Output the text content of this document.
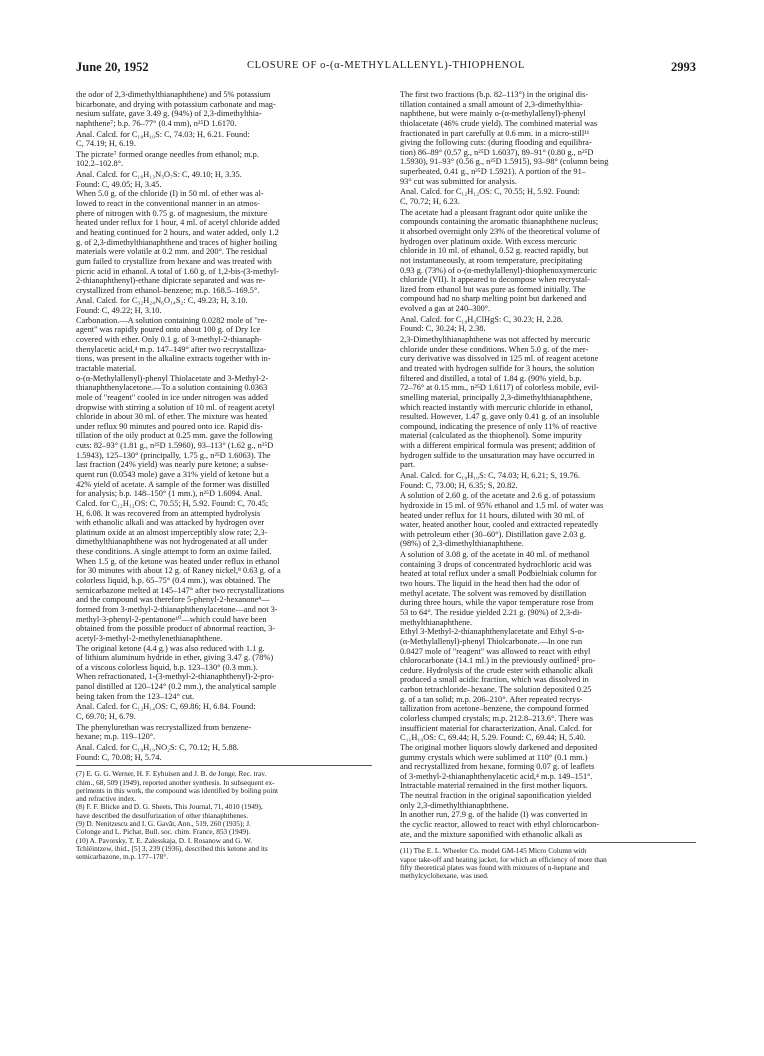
June 20, 1952	CLOSURE OF o-(α-METHYLALLENYL)-THIOPHENOL	2993
the odor of 2,3-dimethylthianaphthene) and 5% potassium
bicarbonate, and drying with potassium carbonate and mag-
nesium sulfate, gave 3.49 g. (94%) of 2,3-dimethylthia-
naphthene⁷; b.p. 76–77° (0.4 mm), n²⁵D 1.6170.
Anal. Calcd. for C₁₀H₁₀S: C, 74.03; H, 6.21. Found:
C, 74.19; H, 6.19.
The picrate⁷ formed orange needles from ethanol; m.p.
102.2–102.8°.
Anal. Calcd. for C₁₆H₁₃N₃O₇S: C, 49.10; H, 3.35.
Found: C, 49.05; H, 3.45.
When 5.0 g. of the chloride (I) in 50 ml. of ether was al-
lowed to react in the conventional manner in an atmos-
phere of nitrogen with 0.75 g. of magnesium, the mixture
heated under reflux for 1 hour, 4 ml. of acetyl chloride added
and heating continued for 2 hours, and water added, only 1.2
g. of 2,3-dimethylthianaphthene and traces of higher boiling
materials were volatile at 0.2 mm. and 200°. The residual
gum failed to crystallize from hexane and was treated with
picric acid in ethanol. A total of 1.60 g. of 1,2-bis-(3-methyl-
2-thianaphthenyl)-ethane dipicrate separated and was re-
crystallized from ethanol–benzene; m.p. 168.5–169.5°.
Anal. Calcd. for C₃₂H₂₄N₆O₁₄S₂: C, 49.23; H, 3.10.
Found: C, 49.22; H, 3.10.
Carbonation.—A solution containing 0.0282 mole of "re-
agent" was rapidly poured onto about 100 g. of Dry Ice
covered with ether. Only 0.1 g. of 3-methyl-2-thianaph-
thenylacetic acid,⁴ m.p. 147–149° after two recrystalliza-
tions, was present in the alkaline extracts together with in-
tractable material.
o-(α-Methylallenyl)-phenyl Thiolacetate and 3-Methyl-2-
thianaphthenylacetone.—To a solution containing 0.0363
mole of "reagent" cooled in ice under nitrogen was added
dropwise with stirring a solution of 10 ml. of reagent acetyl
chloride in about 30 ml. of ether. The mixture was heated
under reflux 90 minutes and poured onto ice. Rapid dis-
tillation of the oily product at 0.25 mm. gave the following
cuts: 82–93° (1.81 g., n²⁵D 1.5960), 93–113° (1.62 g., n²⁵D
1.5943), 125–130° (principally, 1.75 g., n²⁵D 1.6063). The
last fraction (24% yield) was nearly pure ketone; a subse-
quent run (0.0543 mole) gave a 31% yield of ketone but a
42% yield of acetate. A sample of the former was distilled
for analysis; b.p. 148–150° (1 mm.), n²⁵D 1.6094. Anal.
Calcd. for C₁₂H₁₂OS: C, 70.55; H, 5.92. Found: C, 70.45;
H, 6.08. It was recovered from an attempted hydrolysis
with ethanolic alkali and was attacked by hydrogen over
platinum oxide at an almost imperceptibly slow rate; 2,3-
dimethylthianaphthene was not hydrogenated at all under
these conditions. A single attempt to form an oxime failed.
When 1.5 g. of the ketone was heated under reflux in ethanol
for 30 minutes with about 12 g. of Raney nickel,⁸ 0.63 g. of a
colorless liquid, b.p. 65–75° (0.4 mm.), was obtained. The
semicarbazone melted at 145–147° after two recrystallizations
and the compound was therefore 5-phenyl-2-hexanone⁹—
formed from 3-methyl-2-thianaphthenylacetone—and not 3-
methyl-3-phenyl-2-pentanone¹⁰—which could have been
obtained from the possible product of abnormal reaction, 3-
acetyl-3-methyl-2-methylenethianaphthene.
The original ketone (4.4 g.) was also reduced with 1.1 g.
of lithium aluminum hydride in ether, giving 3.47 g. (78%)
of a viscous colorless liquid, b.p. 123–130° (0.3 mm.).
When refractionated, 1-(3-methyl-2-thianaphthenyl)-2-pro-
panol distilled at 120–124° (0.2 mm.), the analytical sample
being taken from the 123–124° cut.
Anal. Calcd. for C₁₂H₁₄OS: C, 69.86; H, 6.84. Found:
C, 69.70; H, 6.79.
The phenylurethan was recrystallized from benzene-
hexane; m.p. 119–120°.
Anal. Calcd. for C₁₉H₁₉NO₂S: C, 70.12; H, 5.88.
Found: C, 70.08; H, 5.74.
(7) E. G. G. Werner, H. F. Eyhuisen and J. B. de Jonge, Rec. trav.
chim., 68, 509 (1949), reported another synthesis. In subsequent ex-
periments in this work, the compound was identified by boiling point
and refractive index.
(8) F. F. Blicke and D. G. Sheets, This Journal, 71, 4010 (1949),
have described the desulfurization of other thianaphthenes.
(9) D. Nenitzescu and I. G. Gavăt, Ann., 519, 260 (1935); J.
Colonge and L. Pichat, Bull. soc. chim. France, 853 (1949).
(10) A. Pavorsky, T. E. Zalesskaja, D. I. Rosanow and G. W.
Tchléintzew, ibid., [5] 3, 239 (1936), described this ketone and its
semicarbazone, m.p. 177–178°.
The first two fractions (b.p. 82–113°) in the original dis-
tillation contained a small amount of 2,3-dimethylthia-
naphthene, but were mainly o-(α-methylallenyl)-phenyl
thiolacetate (46% crude yield). The combined material was
fractionated in part carefully at 0.6 mm. in a micro-still¹¹
giving the following cuts: (during flooding and equilibra-
tion) 86–89° (0.57 g., n²⁵D 1.6037), 89–91° (0.80 g., n²⁵D
1.5930), 91–93° (0.56 g., n²⁵D 1.5915), 93–98° (column being
superheated, 0.41 g., n²⁵D 1.5921). A portion of the 91–
93° cut was submitted for analysis.
Anal. Calcd. for C₁₂H₁₂OS: C, 70.55; H, 5.92. Found:
C, 70.72; H, 6.23.
The acetate had a pleasant fragrant odor quite unlike the
compounds containing the aromatic thianaphthene nucleus;
it absorbed overnight only 23% of the theoretical volume of
hydrogen over platinum oxide. With excess mercuric
chloride in 10 ml. of ethanol, 0.52 g. reacted rapidly, but
not instantaneously, at room temperature, precipitating
0.93 g. (73%) of o-(α-methylallenyl)-thiophenoxymercuric
chloride (VII). It appeared to decompose when recrystal-
lized from ethanol but was pure as formed initially. The
compound had no sharp melting point but darkened and
evolved a gas at 240–300°.
Anal. Calcd. for C₁₀H₉ClHgS: C, 30.23; H, 2.28.
Found: C, 30.24; H, 2.38.
2,3-Dimethylthianaphthene was not affected by mercuric
chloride under these conditions. When 5.0 g. of the mer-
cury derivative was dissolved in 125 ml. of reagent acetone
and treated with hydrogen sulfide for 3 hours, the solution
filtered and distilled, a total of 1.84 g. (90% yield, b.p.
72–76° at 0.15 mm., n²⁵D 1.6117) of colorless mobile, evil-
smelling material, principally 2,3-dimethylthianaphthene,
which reacted instantly with mercuric chloride in ethanol,
resulted. However, 1.47 g. gave only 0.41 g. of an insoluble
compound, indicating the presence of only 11% of reactive
material (calculated as the thiophenol). Some impurity
with a different empirical formula was present; addition of
hydrogen sulfide to the unsaturation may have occurred in
part.
Anal. Calcd. for C₁₀H₁₀S: C, 74.03; H, 6.21; S, 19.76.
Found: C, 73.00; H, 6.35; S, 20.82.
A solution of 2.60 g. of the acetate and 2.6 g. of potassium
hydroxide in 15 ml. of 95% ethanol and 1.5 ml. of water was
heated under reflux for 11 hours, diluted with 30 ml. of
water, heated another hour, cooled and extracted repeatedly
with petroleum ether (30–60°). Distillation gave 2.03 g.
(98%) of 2,3-dimethylthianaphthene.
A solution of 3.08 g. of the acetate in 40 ml. of methanol
containing 3 drops of concentrated hydrochloric acid was
heated at total reflux under a small Podbielniak column for
two hours. The liquid in the head then had the odor of
methyl acetate. The solvent was removed by distillation
during three hours, while the vapor temperature rose from
53 to 64°. The residue yielded 2.21 g. (90%) of 2,3-di-
methylthianaphthene.
Ethyl 3-Methyl-2-thianaphthenylacetate and Ethyl S-o-
(α-Methylallenyl)-phenyl Thiolcarbonate.—In one run
0.0427 mole of "reagent" was allowed to react with ethyl
chlorocarbonate (14.1 ml.) in the previously outlined⁵ pro-
cedure. Hydrolysis of the crude ester with ethanolic alkali
produced a small acidic fraction, which was dissolved in
carbon tetrachloride–hexane. The solution deposited 0.25
g. of a tan solid; m.p. 206–210°. After repeated recrys-
tallization from acetone–benzene, the compound formed
colorless clumped crystals; m.p. 212.8–213.6°. There was
insufficient material for characterization. Anal. Calcd. for
C₁₁H₁₀OS: C, 69.44; H, 5.29. Found: C, 69.44; H, 5.40.
The original mother liquors slowly darkened and deposited
gummy crystals which were sublimed at 110° (0.1 mm.)
and recrystallized from hexane, forming 0.07 g. of leaflets
of 3-methyl-2-thianaphthenylacetic acid,⁴ m.p. 149–151°.
Intractable material remained in the first mother liquors.
The neutral fraction in the original saponification yielded
only 2,3-dimethylthianaphthene.
In another run, 27.9 g. of the halide (I) was converted in
the cyclic reactor, allowed to react with ethyl chlorocarbon-
ate, and the mixture saponified with ethanolic alkali as
(11) The E. L. Wheeler Co. model GM-145 Micro Column with
vapor take-off and heating jacket, for which an efficiency of more than
fifty theoretical plates was found with mixtures of n-heptane and
methylcyclohexane, was used.
